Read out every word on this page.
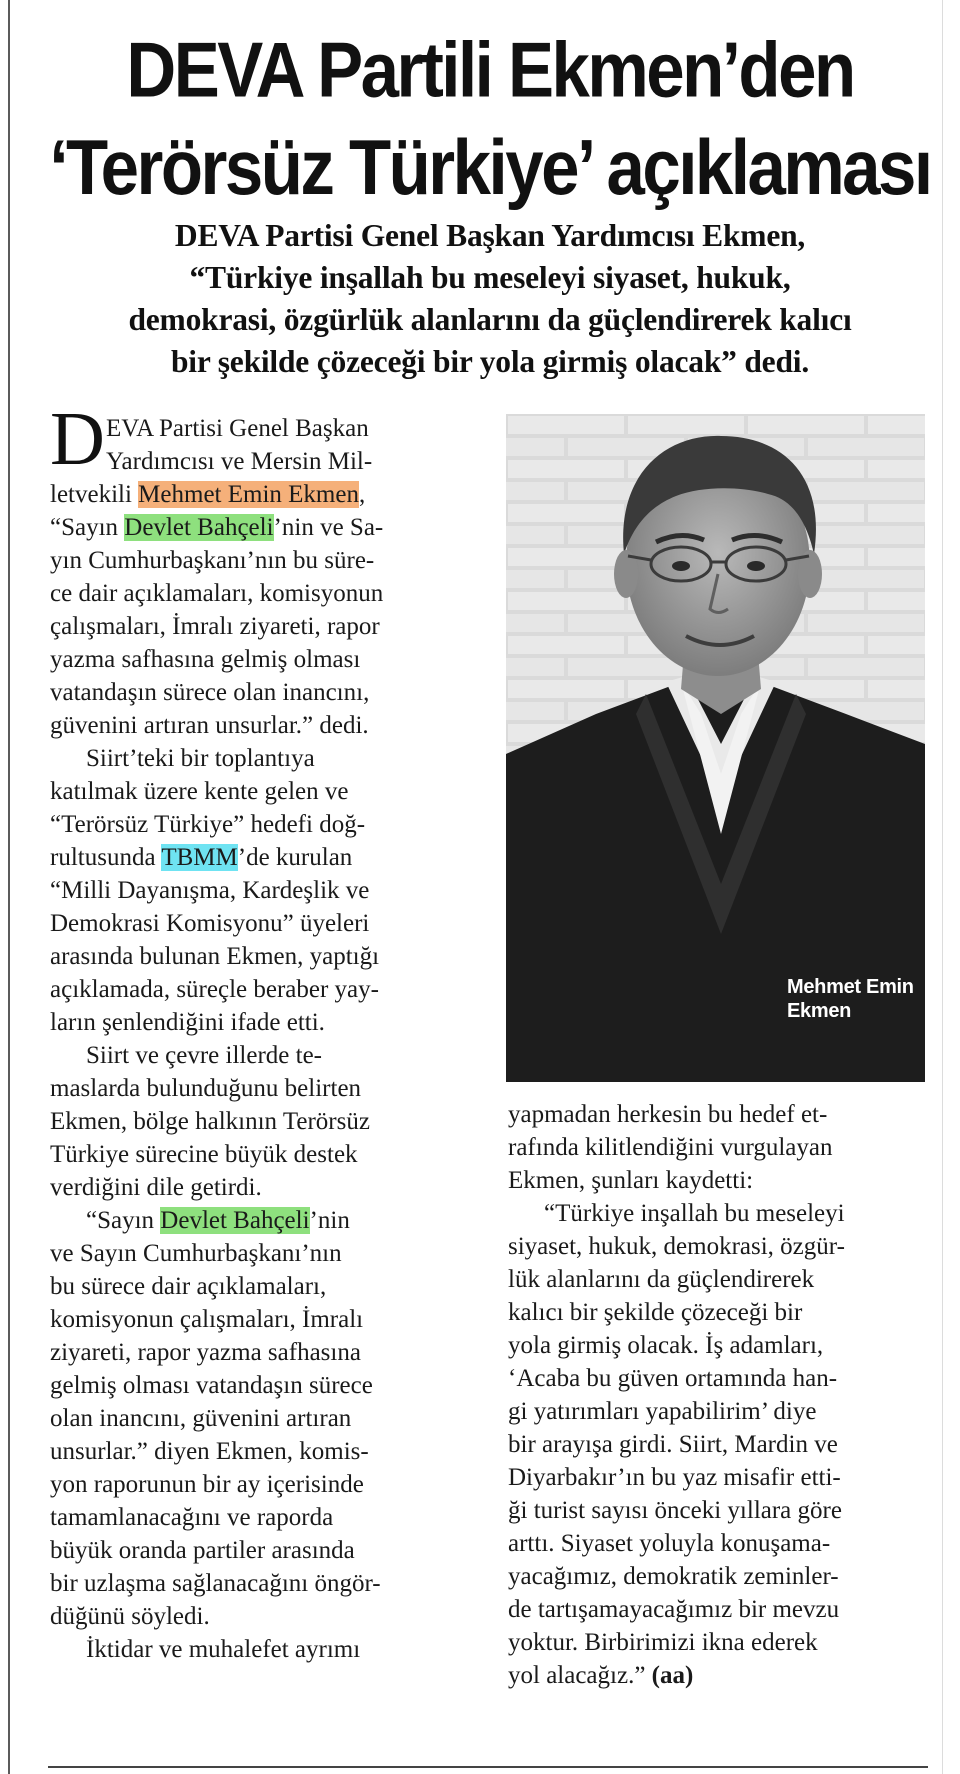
DEVA Partili Ekmen’den
‘Terörsüz Türkiye’ açıklaması
DEVA Partisi Genel Başkan Yardımcısı Ekmen,
“Türkiye inşallah bu meseleyi siyaset, hukuk,
demokrasi, özgürlük alanlarını da güçlendirerek kalıcı
bir şekilde çözeceği bir yola girmiş olacak” dedi.
D EVA Partisi Genel Başkan
Yardımcısı ve Mersin Mil-
letvekili Mehmet Emin Ekmen,
“Sayın Devlet Bahçeli’nin ve Sa-
yın Cumhurbaşkanı’nın bu süre-
ce dair açıklamaları, komisyonun
çalışmaları, İmralı ziyareti, rapor
yazma safhasına gelmiş olması
vatandaşın sürece olan inancını,
güvenini artıran unsurlar.” dedi.
Siirt’teki bir toplantıya
katılmak üzere kente gelen ve
“Terörsüz Türkiye” hedefi doğ-
rultusunda TBMM’de kurulan
“Milli Dayanışma, Kardeşlik ve
Demokrasi Komisyonu” üyeleri
arasında bulunan Ekmen, yaptığı
açıklamada, süreçle beraber yay-
ların şenlendiğini ifade etti.
Siirt ve çevre illerde te-
maslarda bulunduğunu belirten
Ekmen, bölge halkının Terörsüz
Türkiye sürecine büyük destek
verdiğini dile getirdi.
“Sayın Devlet Bahçeli’nin
ve Sayın Cumhurbaşkanı’nın
bu sürece dair açıklamaları,
komisyonun çalışmaları, İmralı
ziyareti, rapor yazma safhasına
gelmiş olması vatandaşın sürece
olan inancını, güvenini artıran
unsurlar.” diyen Ekmen, komis-
yon raporunun bir ay içerisinde
tamamlanacağını ve raporda
büyük oranda partiler arasında
bir uzlaşma sağlanacağını öngör-
düğünü söyledi.
İktidar ve muhalefet ayrımı
Mehmet Emin
Ekmen
yapmadan herkesin bu hedef et-
rafında kilitlendiğini vurgulayan
Ekmen, şunları kaydetti:
“Türkiye inşallah bu meseleyi
siyaset, hukuk, demokrasi, özgür-
lük alanlarını da güçlendirerek
kalıcı bir şekilde çözeceği bir
yola girmiş olacak. İş adamları,
‘Acaba bu güven ortamında han-
gi yatırımları yapabilirim’ diye
bir arayışa girdi. Siirt, Mardin ve
Diyarbakır’ın bu yaz misafir etti-
ği turist sayısı önceki yıllara göre
arttı. Siyaset yoluyla konuşama-
yacağımız, demokratik zeminler-
de tartışamayacağımız bir mevzu
yoktur. Birbirimizi ikna ederek
yol alacağız.” (aa)
